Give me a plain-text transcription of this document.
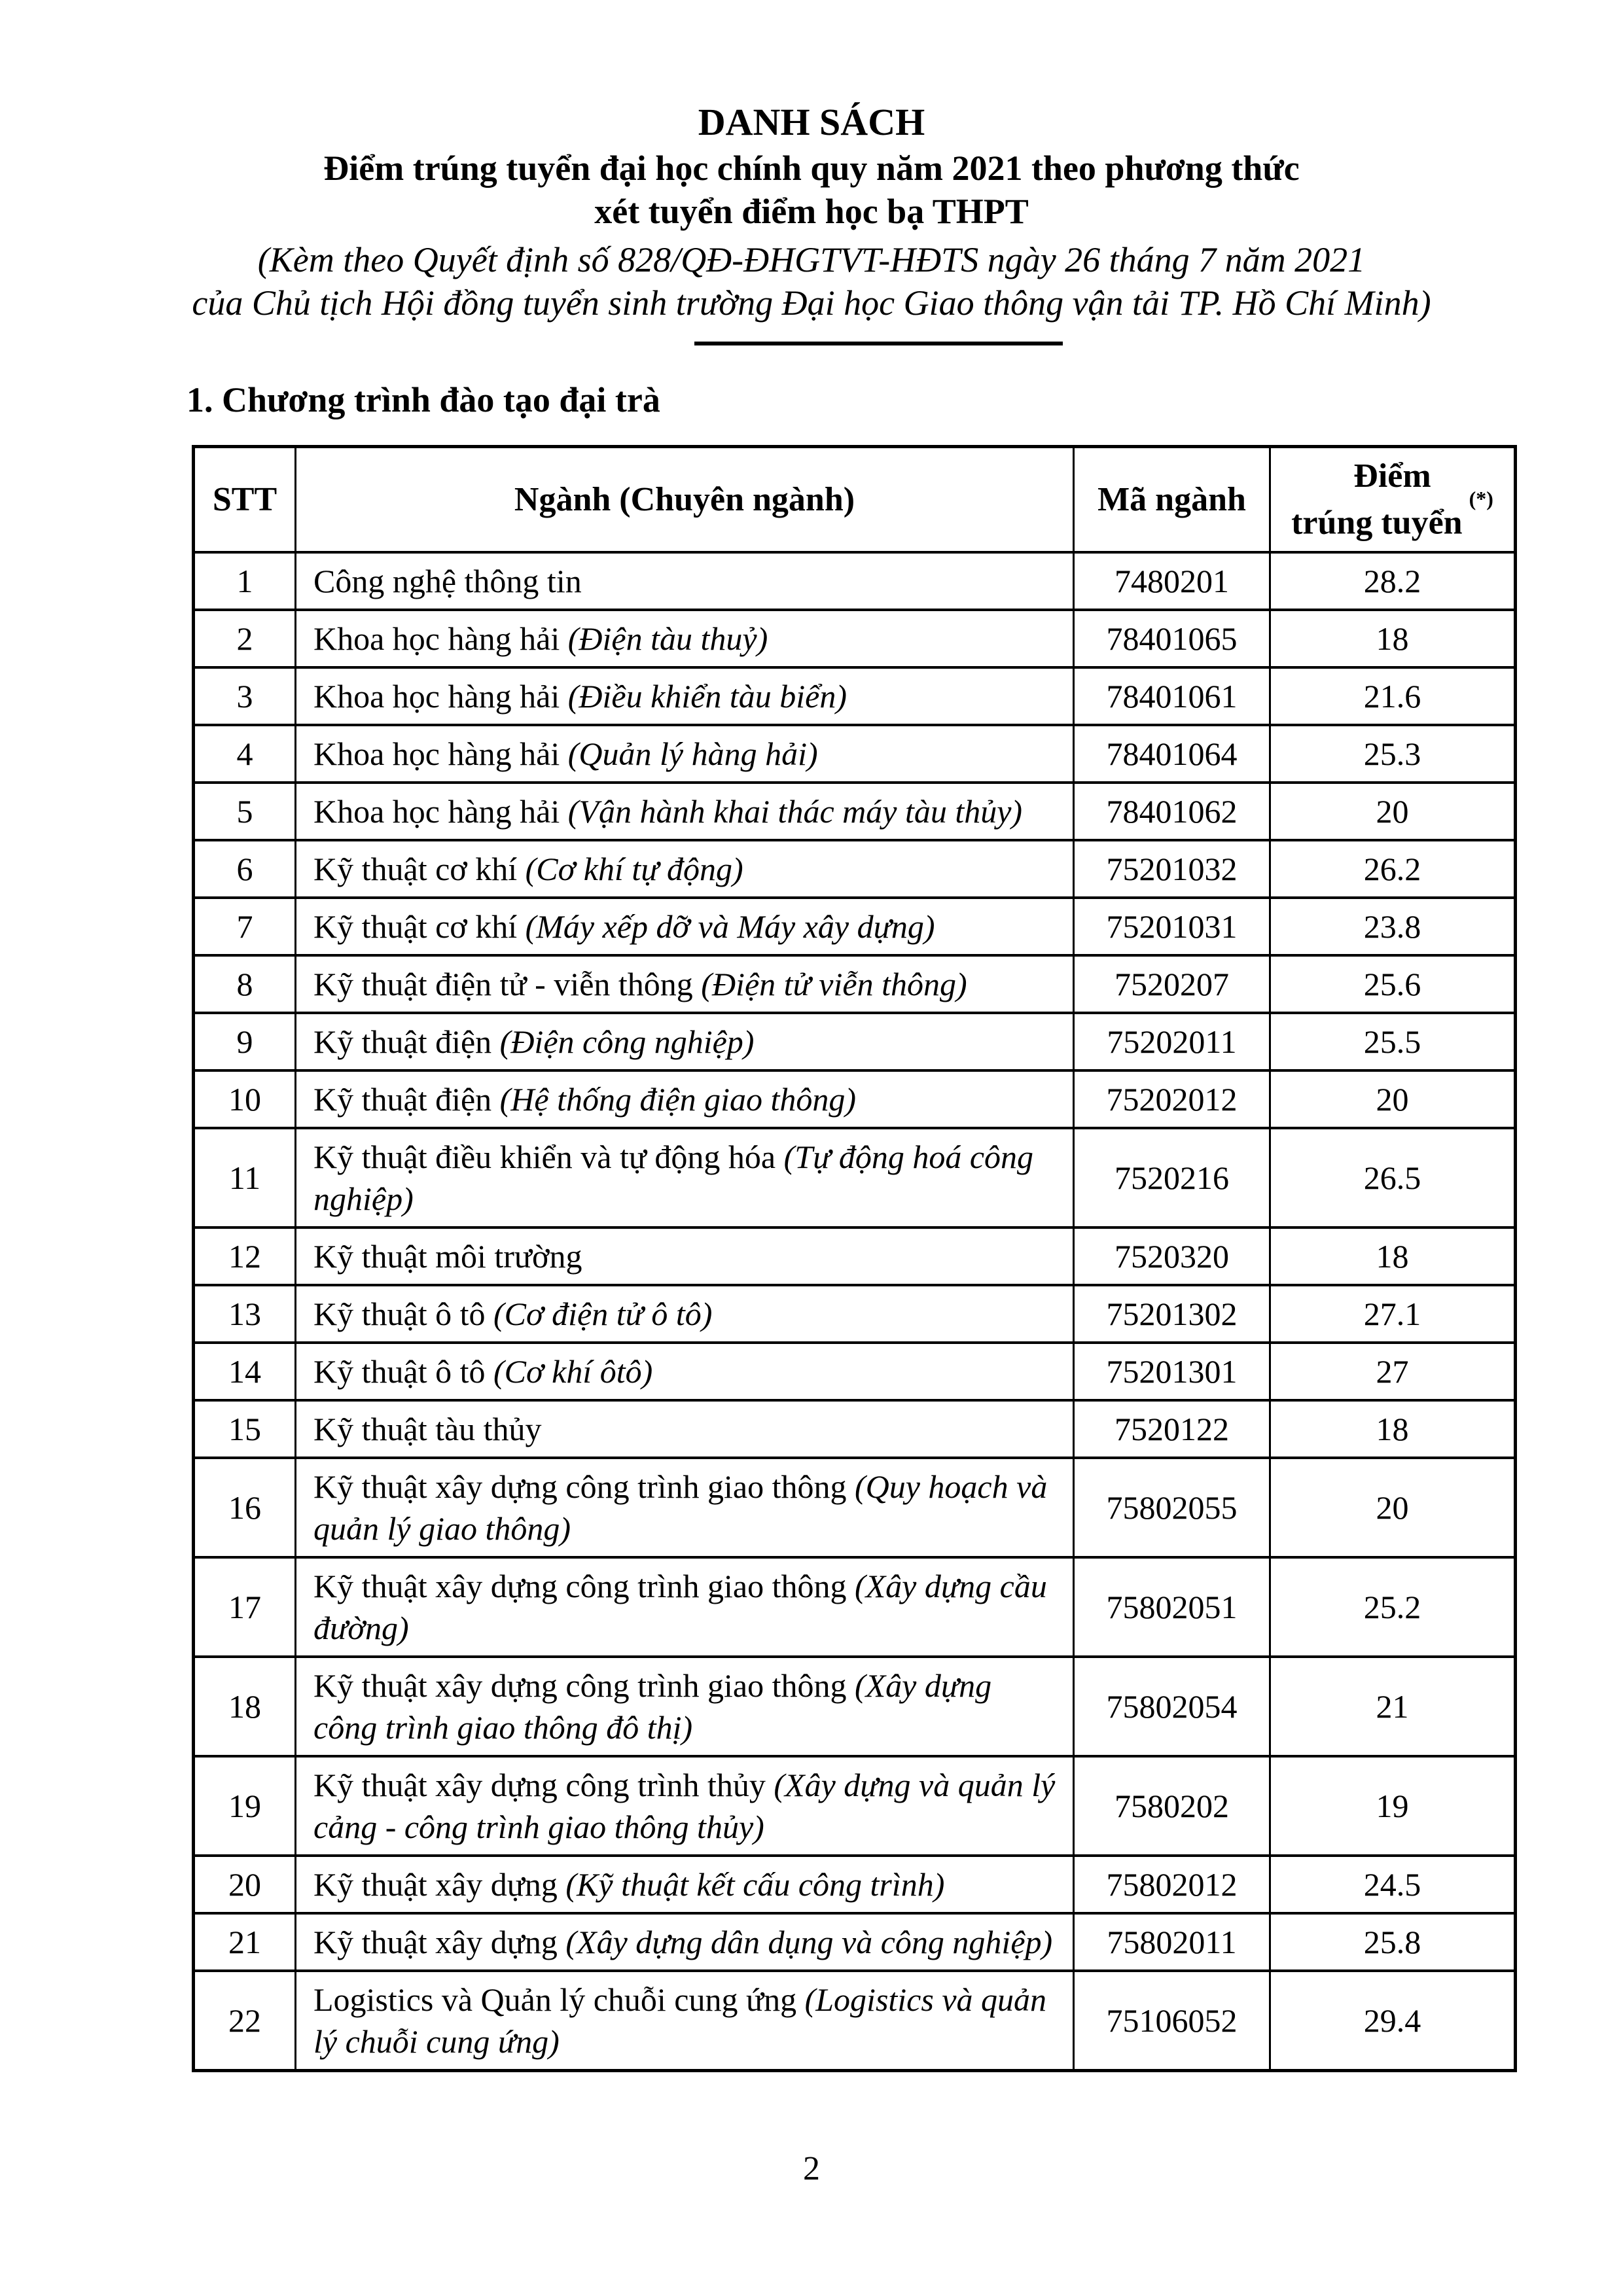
DANH SÁCH
Điểm trúng tuyển đại học chính quy năm 2021 theo phương thức
xét tuyển điểm học bạ THPT
(Kèm theo Quyết định số 828/QĐ-ĐHGTVT-HĐTS ngày 26 tháng 7 năm 2021
của Chủ tịch Hội đồng tuyển sinh trường Đại học Giao thông vận tải TP. Hồ Chí Minh)
1. Chương trình đào tạo đại trà
STT	Ngành (Chuyên ngành)	Mã ngành	Điểm
trúng tuyển(*)
1	Công nghệ thông tin	7480201	28.2
2	Khoa học hàng hải (Điện tàu thuỷ)	78401065	18
3	Khoa học hàng hải (Điều khiển tàu biển)	78401061	21.6
4	Khoa học hàng hải (Quản lý hàng hải)	78401064	25.3
5	Khoa học hàng hải (Vận hành khai thác máy tàu thủy)	78401062	20
6	Kỹ thuật cơ khí (Cơ khí tự động)	75201032	26.2
7	Kỹ thuật cơ khí (Máy xếp dỡ và Máy xây dựng)	75201031	23.8
8	Kỹ thuật điện tử - viễn thông (Điện tử viễn thông)	7520207	25.6
9	Kỹ thuật điện (Điện công nghiệp)	75202011	25.5
10	Kỹ thuật điện (Hệ thống điện giao thông)	75202012	20
11	Kỹ thuật điều khiển và tự động hóa (Tự động hoá công nghiệp)	7520216	26.5
12	Kỹ thuật môi trường	7520320	18
13	Kỹ thuật ô tô (Cơ điện tử ô tô)	75201302	27.1
14	Kỹ thuật ô tô (Cơ khí ôtô)	75201301	27
15	Kỹ thuật tàu thủy	7520122	18
16	Kỹ thuật xây dựng công trình giao thông (Quy hoạch và quản lý giao thông)	75802055	20
17	Kỹ thuật xây dựng công trình giao thông (Xây dựng cầu đường)	75802051	25.2
18	Kỹ thuật xây dựng công trình giao thông (Xây dựng công trình giao thông đô thị)	75802054	21
19	Kỹ thuật xây dựng công trình thủy (Xây dựng và quản lý cảng - công trình giao thông thủy)	7580202	19
20	Kỹ thuật xây dựng (Kỹ thuật kết cấu công trình)	75802012	24.5
21	Kỹ thuật xây dựng (Xây dựng dân dụng và công nghiệp)	75802011	25.8
22	Logistics và Quản lý chuỗi cung ứng (Logistics và quản lý chuỗi cung ứng)	75106052	29.4
2
